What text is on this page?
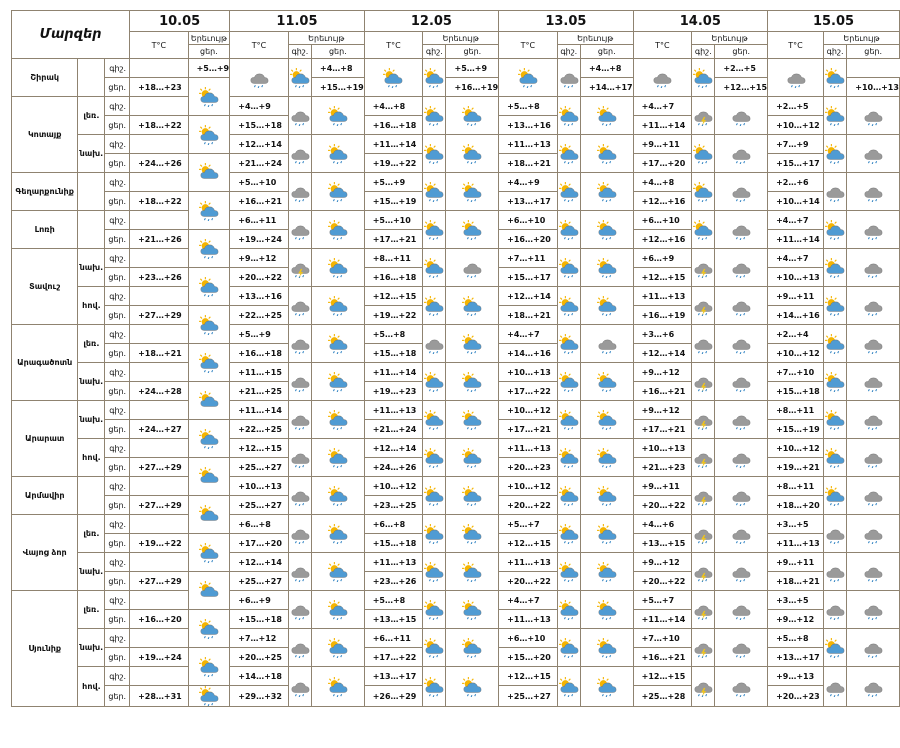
Մարզեր			10.05		11.05			12.05			13.05			14.05			15.05		
			T°C	Երեւույթ	T°C	Երեւույթ		T°C	Երեւույթ		T°C	Երեւույթ		T°C	Երեւույթ		T°C	Երեւույթ	
				ցեր.		գիշ.	ցեր.		գիշ.	ցեր.		գիշ.	ցեր.		գիշ.	ցեր.		գիշ.	ցեր.
Շիրակ		գիշ.		+5…+9			+4…+8			+5…+9			+4…+8			+2…+5		
		ցեր.	+18…+23				+15…+19			+16…+19			+14…+17			+12…+15			+10…+13
Կոտայք	լեռ.	գիշ.			+4…+9			+4…+8			+5…+8			+4…+7			+2…+5		
		ցեր.	+18…+22		+15…+18			+16…+18			+13…+16			+11…+14			+10…+12		
	նախ.	գիշ.			+12…+14			+11…+14			+11…+13			+9…+11			+7…+9		
		ցեր.	+24…+26		+21…+24			+19…+22			+18…+21			+17…+20			+15…+17		
Գեղարքունիք		գիշ.			+5…+10			+5…+9			+4…+9			+4…+8			+2…+6		
		ցեր.	+18…+22		+16…+21			+15…+19			+13…+17			+12…+16			+10…+14		
Լոռի		գիշ.			+6…+11			+5…+10			+6…+10			+6…+10			+4…+7		
		ցեր.	+21…+26		+19…+24			+17…+21			+16…+20			+12…+16			+11…+14		
Տավուշ	նախ.	գիշ.			+9…+12			+8…+11			+7…+11			+6…+9			+4…+7		
		ցեր.	+23…+26		+20…+22			+16…+18			+15…+17			+12…+15			+10…+13		
	հով.	գիշ.			+13…+16			+12…+15			+12…+14			+11…+13			+9…+11		
		ցեր.	+27…+29		+22…+25			+19…+22			+18…+21			+16…+19			+14…+16		
Արագածոտն	լեռ.	գիշ.			+5…+9			+5…+8			+4…+7			+3…+6			+2…+4		
		ցեր.	+18…+21		+16…+18			+15…+18			+14…+16			+12…+14			+10…+12		
	նախ.	գիշ.			+11…+15			+11…+14			+10…+13			+9…+12			+7…+10		
		ցեր.	+24…+28		+21…+25			+19…+23			+17…+22			+16…+21			+15…+18		
Արարատ	նախ.	գիշ.			+11…+14			+11…+13			+10…+12			+9…+12			+8…+11		
		ցեր.	+24…+27		+22…+25			+21…+24			+17…+21			+17…+21			+15…+19		
	հով.	գիշ.			+12…+15			+12…+14			+11…+13			+10…+13			+10…+12		
		ցեր.	+27…+29		+25…+27			+24…+26			+20…+23			+21…+23			+19…+21		
Արմավիր		գիշ.			+10…+13			+10…+12			+10…+12			+9…+11			+8…+11		
		ցեր.	+27…+29		+25…+27			+23…+25			+20…+22			+20…+22			+18…+20		
Վայոց ձոր	լեռ.	գիշ.			+6…+8			+6…+8			+5…+7			+4…+6			+3…+5		
		ցեր.	+19…+22		+17…+20			+15…+18			+12…+15			+13…+15			+11…+13		
	նախ.	գիշ.			+12…+14			+11…+13			+11…+13			+9…+12			+9…+11		
		ցեր.	+27…+29		+25…+27			+23…+26			+20…+22			+20…+22			+18…+21		
Սյունիք	լեռ.	գիշ.			+6…+9			+5…+8			+4…+7			+5…+7			+3…+5		
		ցեր.	+16…+20		+15…+18			+13…+15			+11…+13			+11…+14			+9…+12		
	նախ.	գիշ.			+7…+12			+6…+11			+6…+10			+7…+10			+5…+8		
		ցեր.	+19…+24		+20…+25			+17…+22			+15…+20			+16…+21			+13…+17		
	հով.	գիշ.			+14…+18			+13…+17			+12…+15			+12…+15			+9…+13		
		ցեր.	+28…+31		+29…+32			+26…+29			+25…+27			+25…+28			+20…+23		
